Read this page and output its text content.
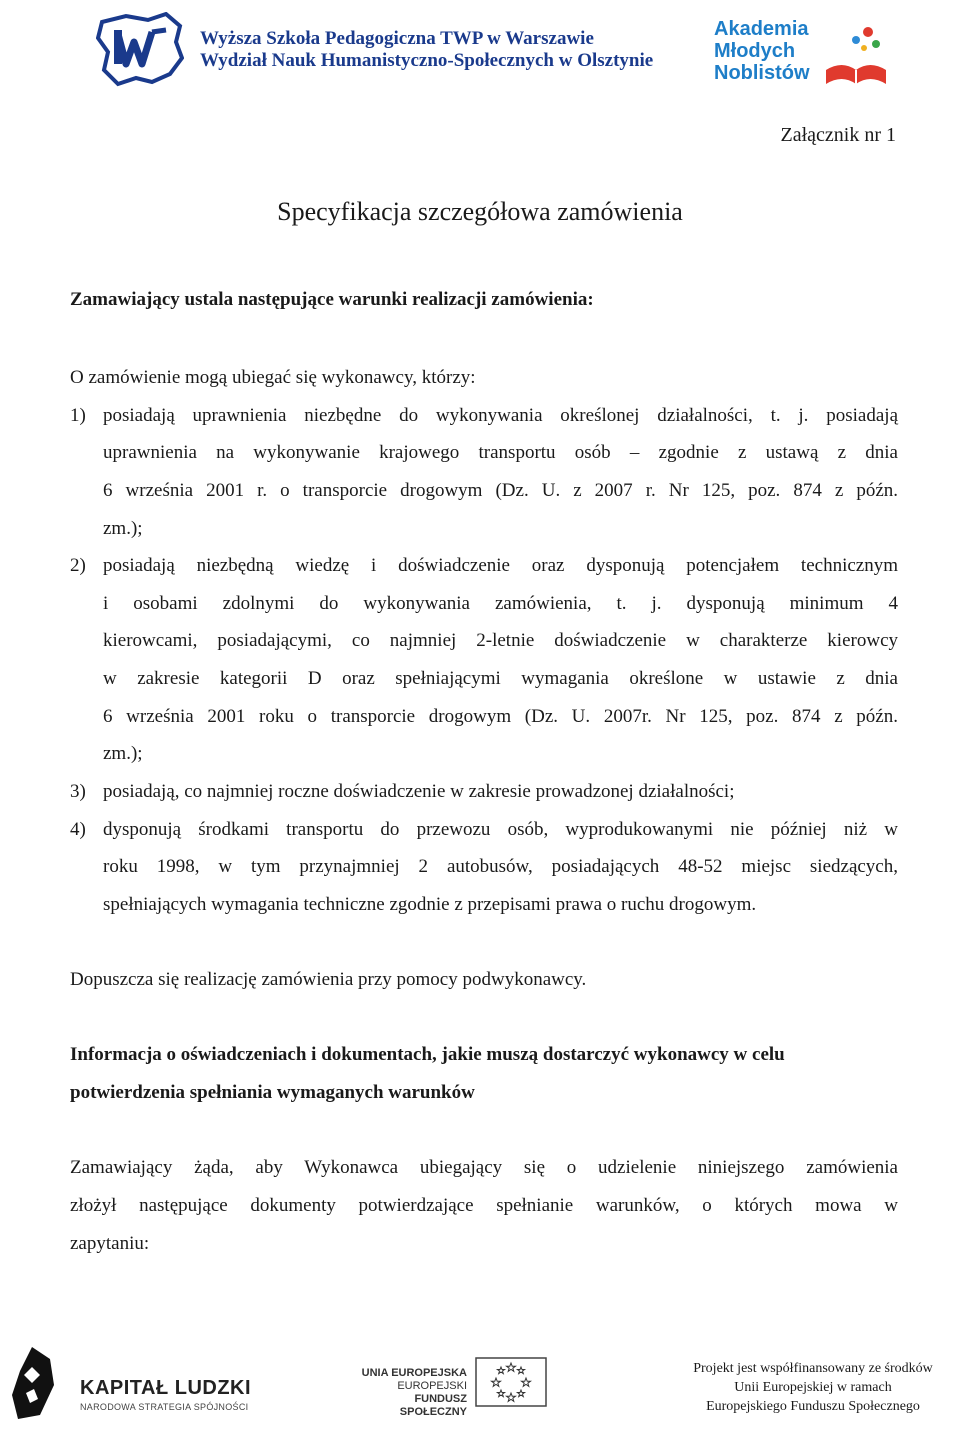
Wyższa Szkoła Pedagogiczna TWP w Warszawie
Wydział Nauk Humanistyczno-Społecznych w Olsztynie
Akademia
Młodych
Noblistów
Załącznik nr 1
Specyfikacja szczegółowa zamówienia
Zamawiający ustala następujące warunki realizacji zamówienia:
O zamówienie mogą ubiegać się wykonawcy, którzy:
1) posiadają uprawnienia niezbędne do wykonywania określonej działalności, t. j. posiadają
uprawnienia na wykonywanie krajowego transportu osób – zgodnie z ustawą z dnia
6 września 2001 r. o transporcie drogowym (Dz. U. z 2007 r. Nr 125, poz. 874 z późn.
zm.);
2) posiadają niezbędną wiedzę i doświadczenie oraz dysponują potencjałem technicznym
i osobami zdolnymi do wykonywania zamówienia, t. j. dysponują minimum 4
kierowcami, posiadającymi, co najmniej 2-letnie doświadczenie w charakterze kierowcy
w zakresie kategorii D oraz spełniającymi wymagania określone w ustawie z dnia
6 września 2001 roku o transporcie drogowym (Dz. U. 2007r. Nr 125, poz. 874 z późn.
zm.);
3) posiadają, co najmniej roczne doświadczenie w zakresie prowadzonej działalności;
4) dysponują środkami transportu do przewozu osób, wyprodukowanymi nie później niż w
roku 1998, w tym przynajmniej 2 autobusów, posiadających 48-52 miejsc siedzących,
spełniających wymagania techniczne zgodnie z przepisami prawa o ruchu drogowym.
Dopuszcza się realizację zamówienia przy pomocy podwykonawcy.
Informacja o oświadczeniach i dokumentach, jakie muszą dostarczyć wykonawcy w celu
potwierdzenia spełniania wymaganych warunków
Zamawiający żąda, aby Wykonawca ubiegający się o udzielenie niniejszego zamówienia
złożył następujące dokumenty potwierdzające spełnianie warunków, o których mowa w
zapytaniu:
KAPITAŁ LUDZKI
NARODOWA STRATEGIA SPÓJNOŚCI
UNIA EUROPEJSKA
EUROPEJSKI
FUNDUSZ SPOŁECZNY
Projekt jest współfinansowany ze środków
Unii Europejskiej w ramach
Europejskiego Funduszu Społecznego
